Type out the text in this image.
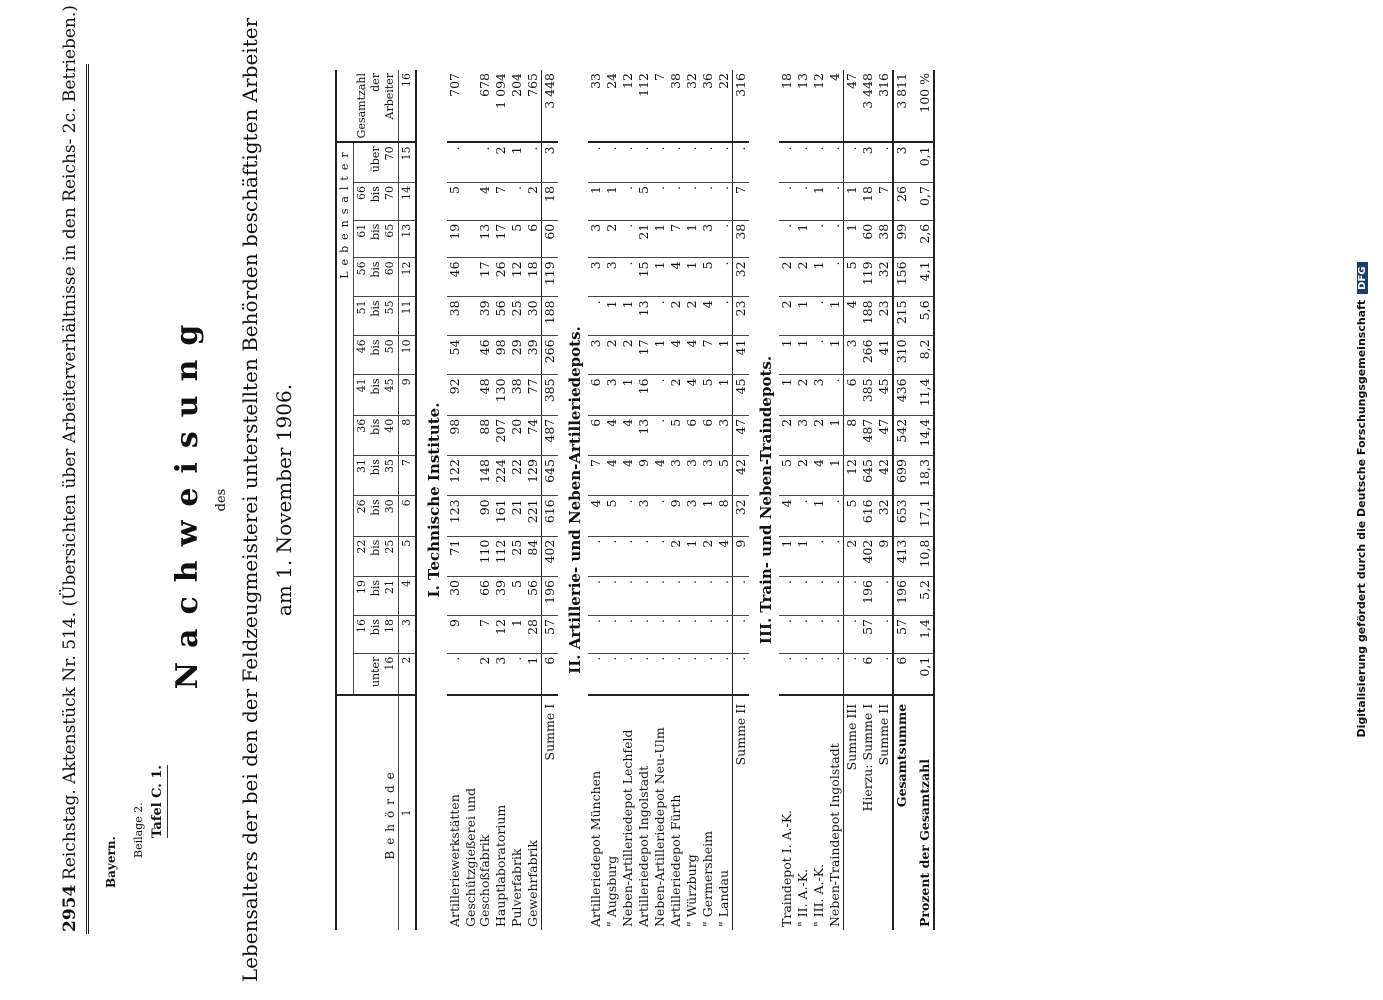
2954
Reichstag. Aktenstück Nr. 514. (Übersichten über Arbeiterverhältnisse in den Reichs- 2c. Betrieben.) Bayern.
Beilage 2. Tafel C. 1.
Nachweisung des Lebensalters der bei den der Feldzeugmeisterei unterstellten Behörden beschäftigten Arbeiter am 1. November 1906.
Behörde	Lebensalter														Gesamtzahl der Arbeiter
	unter 16	16 bis 18	19 bis 21	22 bis 25	26 bis 30	31 bis 35	36 bis 40	41 bis 45	46 bis 50	51 bis 55	56 bis 60	61 bis 65	66 bis 70	über 70	
1	2	3	4	5	6	7	8	9	10	11	12	13	14	15	16
I. Technische Institute.															
Artilleriewerkstätten	.	9	30	71	123	122	98	92	54	38	46	19	5	.	707
Geschützgießerei und Geschoßfabrik	2	7	66	110	90	148	88	48	46	39	17	13	4	.	678
Hauptlaboratorium	3	12	39	112	161	224	207	130	98	56	26	17	7	2	1 094
Pulverfabrik	.	1	5	25	21	22	20	38	29	25	12	5	.	1	204
Gewehrfabrik	1	28	56	84	221	129	74	77	39	30	18	6	2	.	765
Summe I	6	57	196	402	616	645	487	385	266	188	119	60	18	3	3 448
II. Artillerie- und Neben-Artilleriedepots.															
Artilleriedepot München	.	.	.	.	4	7	6	6	3	.	3	3	1	.	33
" Augsburg	.	.	.	.	5	4	4	3	2	1	3	2	1	.	24
Neben-Artilleriedepot Lechfeld	.	.	.	.	.	4	4	1	2	1	.	.	.	.	12
Artilleriedepot Ingolstadt	.	.	.	.	3	9	13	16	17	13	15	21	5	.	112
Neben-Artilleriedepot Neu-Ulm	.	.	.	.	.	4	.	.	1	.	1	1	.	.	7
Artilleriedepot Fürth	.	.	.	2	9	3	5	2	4	2	4	7	.	.	38
" Würzburg	.	.	.	1	3	3	6	4	4	2	1	1	.	.	32
" Germersheim	.	.	.	2	1	3	6	5	7	4	5	3	.	.	36
" Landau	.	.	.	4	8	5	3	1	1	.	.	.	.	.	22
Summe II	.	.	.	9	32	42	47	45	41	23	32	38	7	.	316
III. Train- und Neben-Traindepots.															
Traindepot I. A.-K.	.	.	.	1	4	5	2	1	1	2	2	.	.	.	18
" II. A.-K.	.	.	.	1	.	2	3	2	1	1	2	1	.	.	13
" III. A.-K.	.	.	.	.	1	4	2	3	.	.	1	.	1	.	12
Neben-Traindepot Ingolstadt	.	.	.	.	.	1	1	.	1	1	.	.	.	.	4
Summe III	.	.	.	2	5	12	8	6	3	4	5	1	1	.	47
Hierzu: Summe I	6	57	196	402	616	645	487	385	266	188	119	60	18	3	3 448
Summe II	.	.	.	9	32	42	47	45	41	23	32	38	7	.	316
Gesamtsumme	6	57	196	413	653	699	542	436	310	215	156	99	26	3	3 811
Prozent der Gesamtzahl	0,1	1,4	5,2	10,8	17,1	18,3	14,4	11,4	8,2	5,6	4,1	2,6	0,7	0,1	100 %
Digitalisierung gefördert durch die Deutsche ForschungsgemeinschaftDFG
